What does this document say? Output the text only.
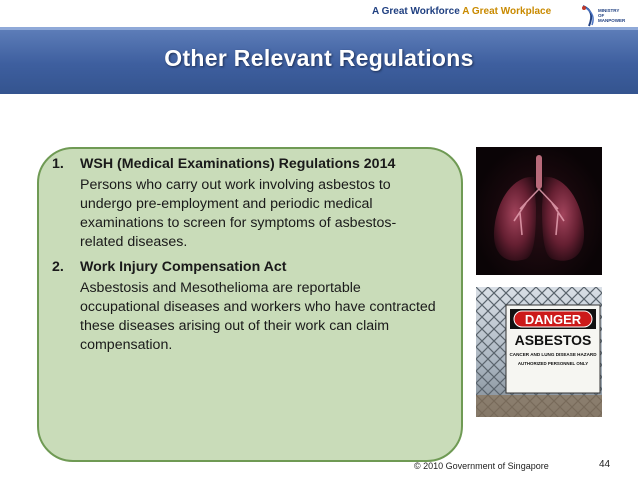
A Great Workforce A Great Workplace	MINISTRY OF
MANPOWER
Other Relevant Regulations
1.	WSH (Medical Examinations) Regulations 2014
Persons who carry out work involving asbestos to undergo pre-employment and periodic medical examinations to screen for symptoms of asbestos-related diseases.
2.	Work Injury Compensation Act
Asbestosis and Mesothelioma are reportable occupational diseases and workers who have contracted these diseases arising out of their work can claim compensation.
DANGER
ASBESTOS
CANCER AND LUNG DISEASE HAZARD
AUTHORIZED PERSONNEL ONLY
© 2010 Government of Singapore	44
